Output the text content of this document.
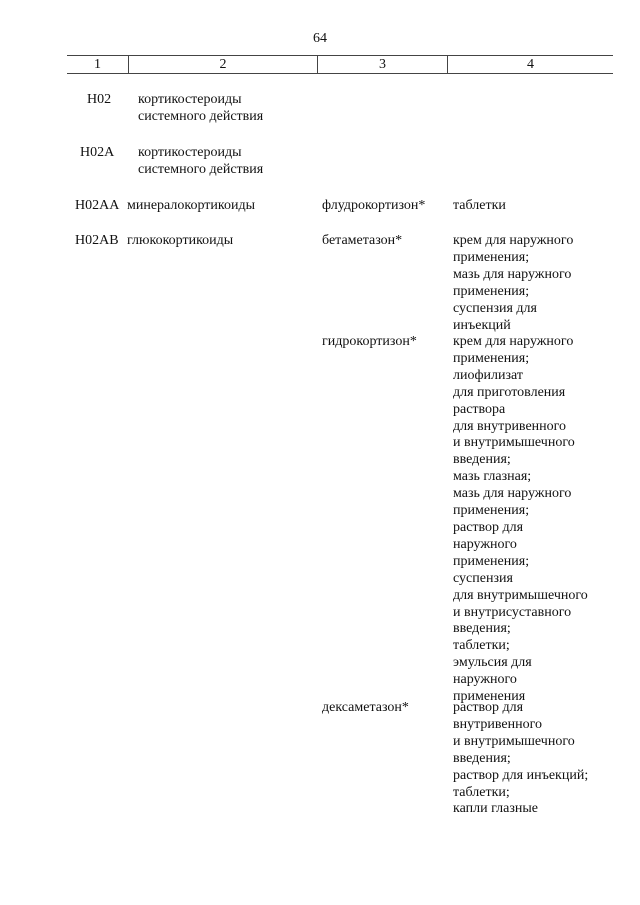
64
1	2	3	4
H02 кортикостероиды
системного действия
H02A кортикостероиды
системного действия
H02AA минералокортикоиды	флудрокортизон* таблетки
H02AB глюкокортикоиды	бетаметазон*	крем для наружного
применения;
мазь для наружного
применения;
суспензия для
инъекций
гидрокортизон*	крем для наружного
применения;
лиофилизат
для приготовления
раствора
для внутривенного
и внутримышечного
введения;
мазь глазная;
мазь для наружного
применения;
раствор для
наружного
применения;
суспензия
для внутримышечного
и внутрисуставного
введения;
таблетки;
эмульсия для
наружного
применения
дексаметазон*	раствор для
внутривенного
и внутримышечного
введения;
раствор для инъекций;
таблетки;
капли глазные
